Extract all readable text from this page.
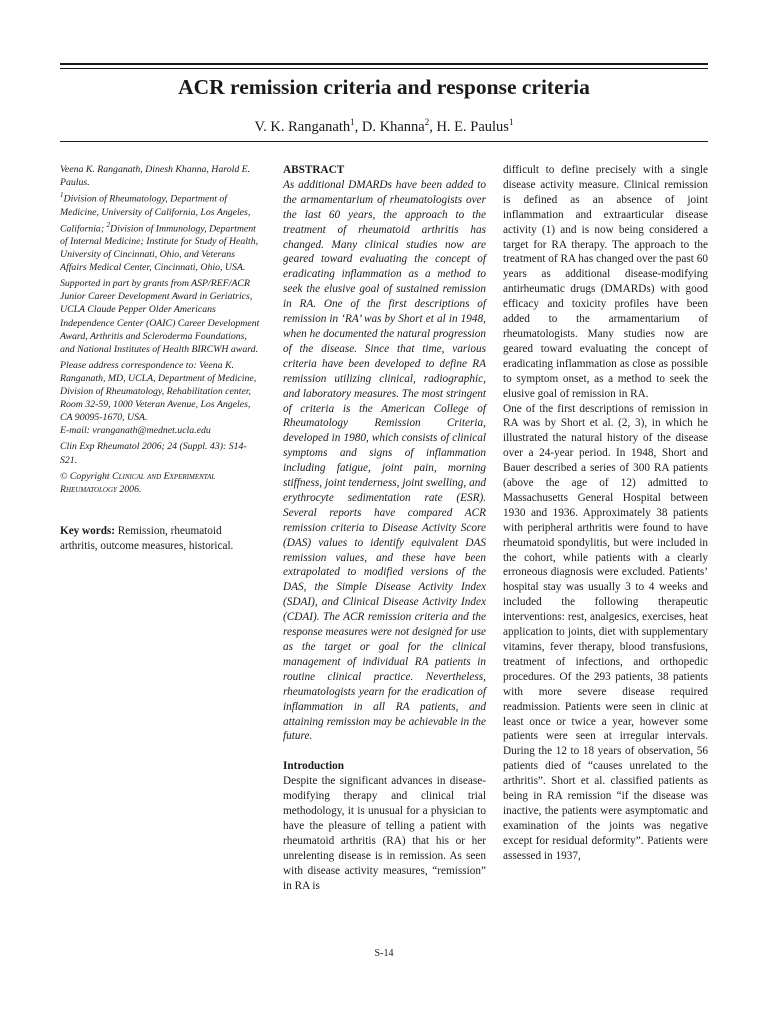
ACR remission criteria and response criteria
V. K. Ranganath$^1$, D. Khanna$^2$, H. E. Paulus$^1$

Veena K. Ranganath, Dinesh Khanna, Harold E. Paulus.

$^1$Division of Rheumatology, Department of Medicine, University of California, Los Angeles, California; $^2$Division of Immunology, Department of Internal Medicine; Institute for Study of Health, University of Cincinnati, Ohio, and Veterans Affairs Medical Center, Cincinnati, Ohio, USA.

Supported in part by grants from ASP/REF/ACR Junior Career Development Award in Geriatrics, UCLA Claude Pepper Older Americans Independence Center (OAIC) Career Development Award, Arthritis and Scleroderma Foundations, and National Institutes of Health BIRCWH award.

Please address correspondence to: Veena K. Ranganath, MD, UCLA, Department of Medicine, Division of Rheumatology, Rehabilitation center, Room 32-59, 1000 Veteran Avenue, Los Angeles, CA 90095-1670, USA.

E-mail: vranganath@mednet.ucla.edu

Clin Exp Rheumatol 2006; 24 (Suppl. 43): S14-S21.

© Copyright Clinical and Experimental Rheumatology 2006.

Key words: Remission, rheumatoid arthritis, outcome measures, historical.

ABSTRACT
As additional DMARDs have been added to the armamentarium of rheumatologists over the last 60 years, the approach to the treatment of rheumatoid arthritis has changed. Many clinical studies now are geared toward evaluating the concept of eradicating inflammation as a method to seek the elusive goal of sustained remission in RA. One of the first descriptions of remission in ‘RA’ was by Short et al in 1948, when he documented the natural progression of the disease. Since that time, various criteria have been developed to define RA remission utilizing clinical, radiographic, and laboratory measures. The most stringent of criteria is the American College of Rheumatology Remission Criteria, developed in 1980, which consists of clinical symptoms and signs of inflammation including fatigue, joint pain, morning stiffness, joint tenderness, joint swelling, and erythrocyte sedimentation rate (ESR). Several reports have compared ACR remission criteria to Disease Activity Score (DAS) values to identify equivalent DAS remission values, and these have been extrapolated to modified versions of the DAS, the Simple Disease Activity Index (SDAI), and Clinical Disease Activity Index (CDAI). The ACR remission criteria and the response measures were not designed for use as the target or goal for the clinical management of individual RA patients in routine clinical practice. Nevertheless, rheumatologists yearn for the eradication of inflammation in all RA patients, and attaining remission may be achievable in the future.
Introduction
Despite the significant advances in disease-modifying therapy and clinical trial methodology, it is unusual for a physician to have the pleasure of telling a patient with rheumatoid arthritis (RA) that his or her unrelenting disease is in remission. As seen with disease activity measures, “remission” in RA is

difficult to define precisely with a single disease activity measure. Clinical remission is defined as an absence of joint inflammation and extraarticular disease activity (1) and is now being considered a target for RA therapy. The approach to the treatment of RA has changed over the past 60 years as additional disease-modifying antirheumatic drugs (DMARDs) with good efficacy and toxicity profiles have been added to the armamentarium of rheumatologists. Many studies now are geared toward evaluating the concept of eradicating inflammation as close as possible to symptom onset, as a method to seek the elusive goal of remission in RA.

One of the first descriptions of remission in RA was by Short et al. (2, 3), in which he illustrated the natural history of the disease over a 24-year period. In 1948, Short and Bauer described a series of 300 RA patients (above the age of 12) admitted to Massachusetts General Hospital between 1930 and 1936. Approximately 38 patients with peripheral arthritis were found to have rheumatoid spondylitis, but were included in the cohort, while patients with a clearly erroneous diagnosis were excluded. Patients’ hospital stay was usually 3 to 4 weeks and included the following therapeutic interventions: rest, analgesics, exercises, heat application to joints, diet with supplementary vitamins, fever therapy, blood transfusions, treatment of infections, and orthopedic procedures. Of the 293 patients, 38 patients with more severe disease required readmission. Patients were seen in clinic at least once or twice a year, however some patients were seen at irregular intervals. During the 12 to 18 years of observation, 56 patients died of “causes unrelated to the arthritis”. Short et al. classified patients as being in RA remission “if the disease was inactive, the patients were asymptomatic and examination of the joints was negative except for residual deformity”. Patients were assessed in 1937,

S-14
